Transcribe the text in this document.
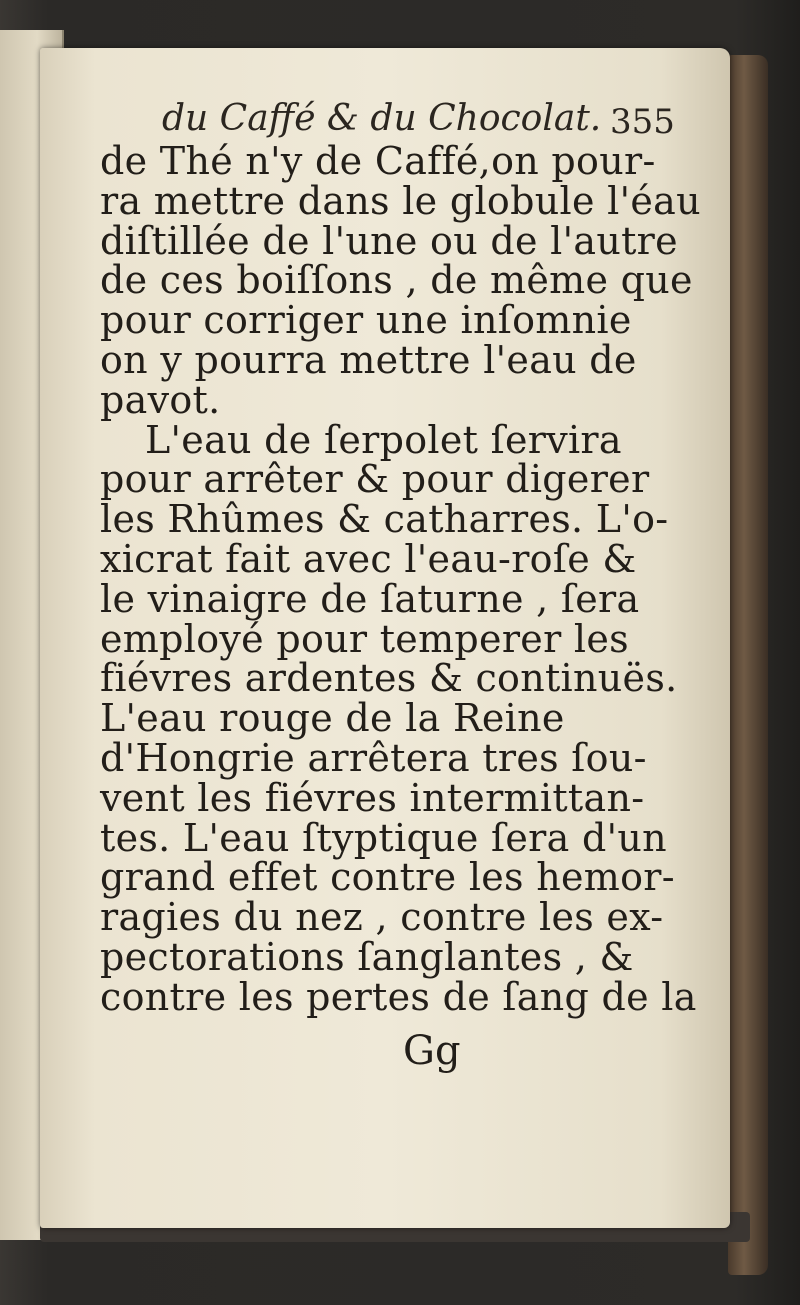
du Caffé & du Chocolat. 355
de Thé n'y de Caffé,on pour-
ra mettre dans le globule l'éau
diſtillée de l'une ou de l'autre
de ces boiſſons , de même que
pour corriger une inſomnie
on y pourra mettre l'eau de
pavot.
L'eau de ſerpolet ſervira
pour arrêter & pour digerer
les Rhûmes & catharres. L'o-
xicrat fait avec l'eau-roſe &
le vinaigre de ſaturne , ſera
employé pour temperer les
fiévres ardentes & continuës.
L'eau rouge de la Reine
d'Hongrie arrêtera tres ſou-
vent les fiévres intermittan-
tes. L'eau ſtyptique ſera d'un
grand effet contre les hemor-
ragies du nez , contre les ex-
pectorations ſanglantes , &
contre les pertes de ſang de la
Gg
